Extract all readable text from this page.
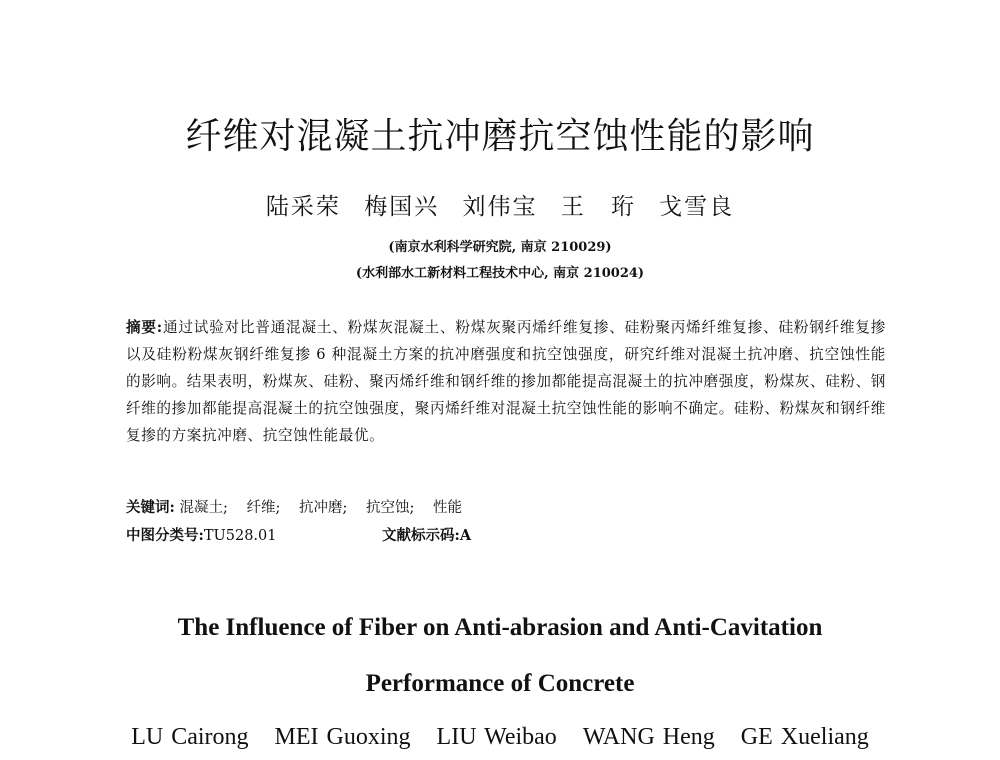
纤维对混凝土抗冲磨抗空蚀性能的影响
陆采荣 梅国兴 刘伟宝 王　珩 戈雪良

(南京水利科学研究院, 南京 210029)

(水利部水工新材料工程技术中心, 南京 210024)

摘要:通过试验对比普通混凝土、粉煤灰混凝土、粉煤灰聚丙烯纤维复掺、硅粉聚丙烯纤维复掺、硅粉钢纤维复掺以及硅粉粉煤灰钢纤维复掺 6 种混凝土方案的抗冲磨强度和抗空蚀强度，研究纤维对混凝土抗冲磨、抗空蚀性能的影响。结果表明，粉煤灰、硅粉、聚丙烯纤维和钢纤维的掺加都能提高混凝土的抗冲磨强度，粉煤灰、硅粉、钢纤维的掺加都能提高混凝土的抗空蚀强度，聚丙烯纤维对混凝土抗空蚀性能的影响不确定。硅粉、粉煤灰和钢纤维复掺的方案抗冲磨、抗空蚀性能最优。

关键词: 混凝土; 纤维; 抗冲磨; 抗空蚀; 性能

中图分类号:TU528.01	文献标示码:A

The Influence of Fiber on Anti-abrasion and Anti-Cavitation
Performance of Concrete
LU Cairong MEI Guoxing LIU Weibao WANG Heng GE Xueliang
